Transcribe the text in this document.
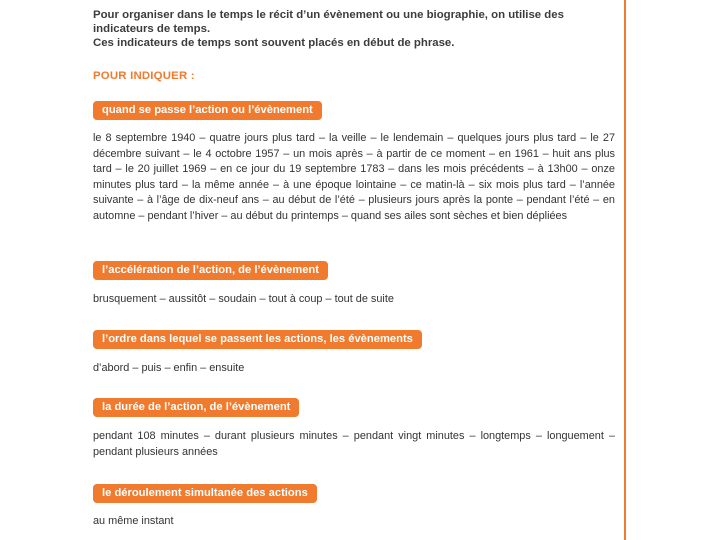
Pour organiser dans le temps le récit d’un évènement ou une biographie, on utilise des indicateurs de temps.

Ces indicateurs de temps sont souvent placés en début de phrase.

POUR INDIQUER :
quand se passe l’action ou l’évènement

le 8 septembre 1940 – quatre jours plus tard – la veille – le lendemain – quelques jours plus tard – le 27 décembre suivant – le 4 octobre 1957 – un mois après – à partir de ce moment – en 1961 – huit ans plus tard – le 20 juillet 1969 – en ce jour du 19 septembre 1783 – dans les mois précédents – à 13h00 – onze minutes plus tard – la même année – à une époque lointaine – ce matin-là – six mois plus tard – l’année suivante – à l’âge de dix-neuf ans – au début de l’été – plusieurs jours après la ponte – pendant l’été – en automne – pendant l’hiver – au début du printemps – quand ses ailes sont sèches et bien dépliées

l’accélération de l’action, de l’évènement

brusquement – aussitôt – soudain – tout à coup – tout de suite

l’ordre dans lequel se passent les actions, les évènements

d’abord – puis – enfin – ensuite

la durée de l’action, de l’évènement

pendant 108 minutes – durant plusieurs minutes – pendant vingt minutes – longtemps – longuement – pendant plusieurs années

le déroulement simultanée des actions

au même instant
